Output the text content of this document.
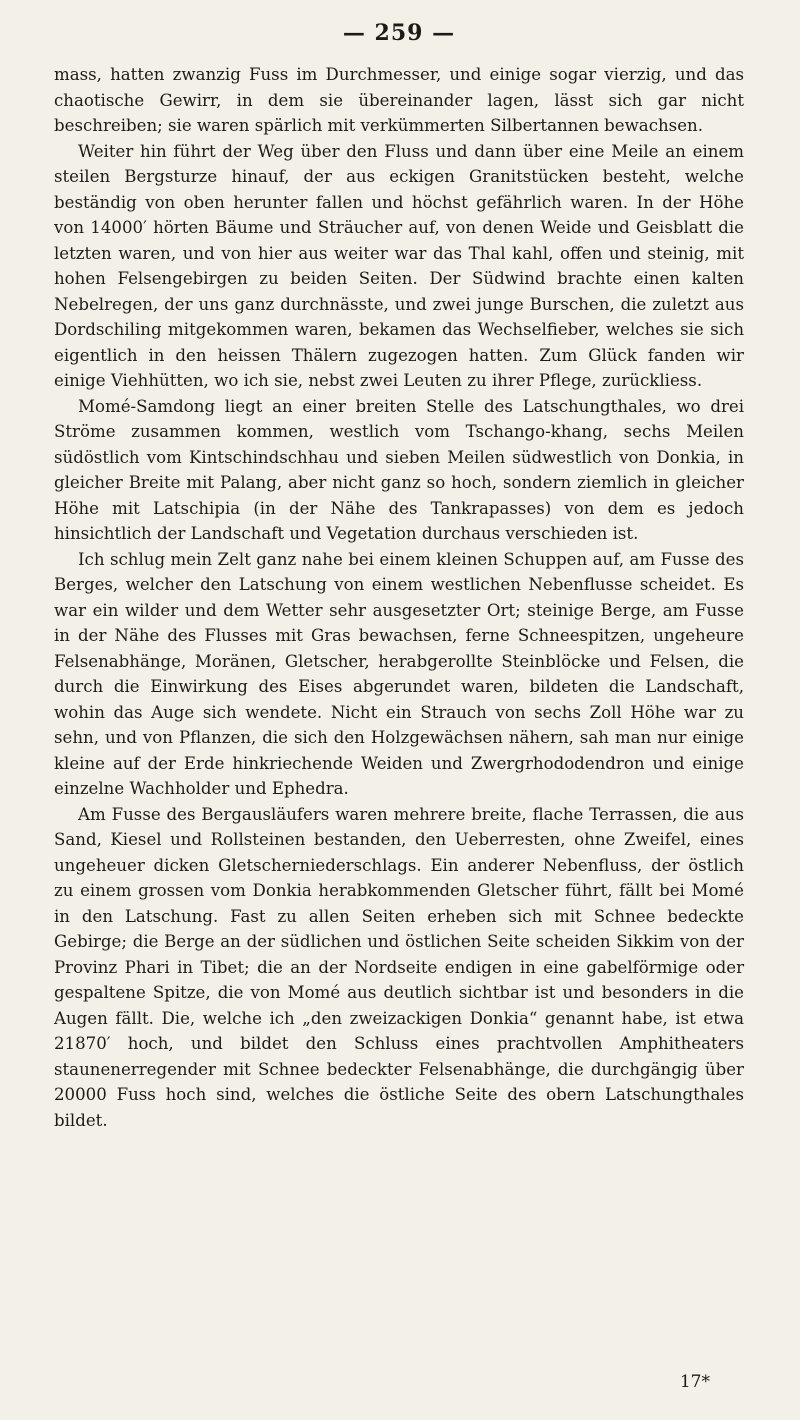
— 259 —

mass, hatten zwanzig Fuss im Durchmesser, und einige sogar vierzig, und das chaotische Gewirr, in dem sie übereinander lagen, lässt sich gar nicht beschreiben; sie waren spärlich mit verkümmerten Silbertannen bewachsen.

Weiter hin führt der Weg über den Fluss und dann über eine Meile an einem steilen Bergsturze hinauf, der aus eckigen Granitstücken besteht, welche beständig von oben herunter fallen und höchst gefährlich waren. In der Höhe von 14000′ hörten Bäume und Sträucher auf, von denen Weide und Geisblatt die letzten waren, und von hier aus weiter war das Thal kahl, offen und steinig, mit hohen Felsengebirgen zu beiden Seiten. Der Südwind brachte einen kalten Nebelregen, der uns ganz durchnässte, und zwei junge Burschen, die zuletzt aus Dordschiling mitgekommen waren, bekamen das Wechselfieber, welches sie sich eigentlich in den heissen Thälern zugezogen hatten. Zum Glück fanden wir einige Viehhütten, wo ich sie, nebst zwei Leuten zu ihrer Pflege, zurückliess.

Momé-Samdong liegt an einer breiten Stelle des Latschungthales, wo drei Ströme zusammen kommen, westlich vom Tschango-khang, sechs Meilen südöstlich vom Kintschindschhau und sieben Meilen südwestlich von Donkia, in gleicher Breite mit Palang, aber nicht ganz so hoch, sondern ziemlich in gleicher Höhe mit Latschipia (in der Nähe des Tankrapasses) von dem es jedoch hinsichtlich der Landschaft und Vegetation durchaus verschieden ist.

Ich schlug mein Zelt ganz nahe bei einem kleinen Schuppen auf, am Fusse des Berges, welcher den Latschung von einem westlichen Nebenflusse scheidet. Es war ein wilder und dem Wetter sehr ausgesetzter Ort; steinige Berge, am Fusse in der Nähe des Flusses mit Gras bewachsen, ferne Schneespitzen, ungeheure Felsenabhänge, Moränen, Gletscher, herabgerollte Steinblöcke und Felsen, die durch die Einwirkung des Eises abgerundet waren, bildeten die Landschaft, wohin das Auge sich wendete. Nicht ein Strauch von sechs Zoll Höhe war zu sehn, und von Pflanzen, die sich den Holzgewächsen nähern, sah man nur einige kleine auf der Erde hinkriechende Weiden und Zwergrhododendron und einige einzelne Wachholder und Ephedra.

Am Fusse des Bergausläufers waren mehrere breite, flache Terrassen, die aus Sand, Kiesel und Rollsteinen bestanden, den Ueberresten, ohne Zweifel, eines ungeheuer dicken Gletscherniederschlags. Ein anderer Nebenfluss, der östlich zu einem grossen vom Donkia herabkommenden Gletscher führt, fällt bei Momé in den Latschung. Fast zu allen Seiten erheben sich mit Schnee bedeckte Gebirge; die Berge an der südlichen und östlichen Seite scheiden Sikkim von der Provinz Phari in Tibet; die an der Nordseite endigen in eine gabelförmige oder gespaltene Spitze, die von Momé aus deutlich sichtbar ist und besonders in die Augen fällt. Die, welche ich „den zweizackigen Donkia“ genannt habe, ist etwa 21870′ hoch, und bildet den Schluss eines prachtvollen Amphitheaters staunenerregender mit Schnee bedeckter Felsenabhänge, die durchgängig über 20000 Fuss hoch sind, welches die östliche Seite des obern Latschungthales bildet.

17*
